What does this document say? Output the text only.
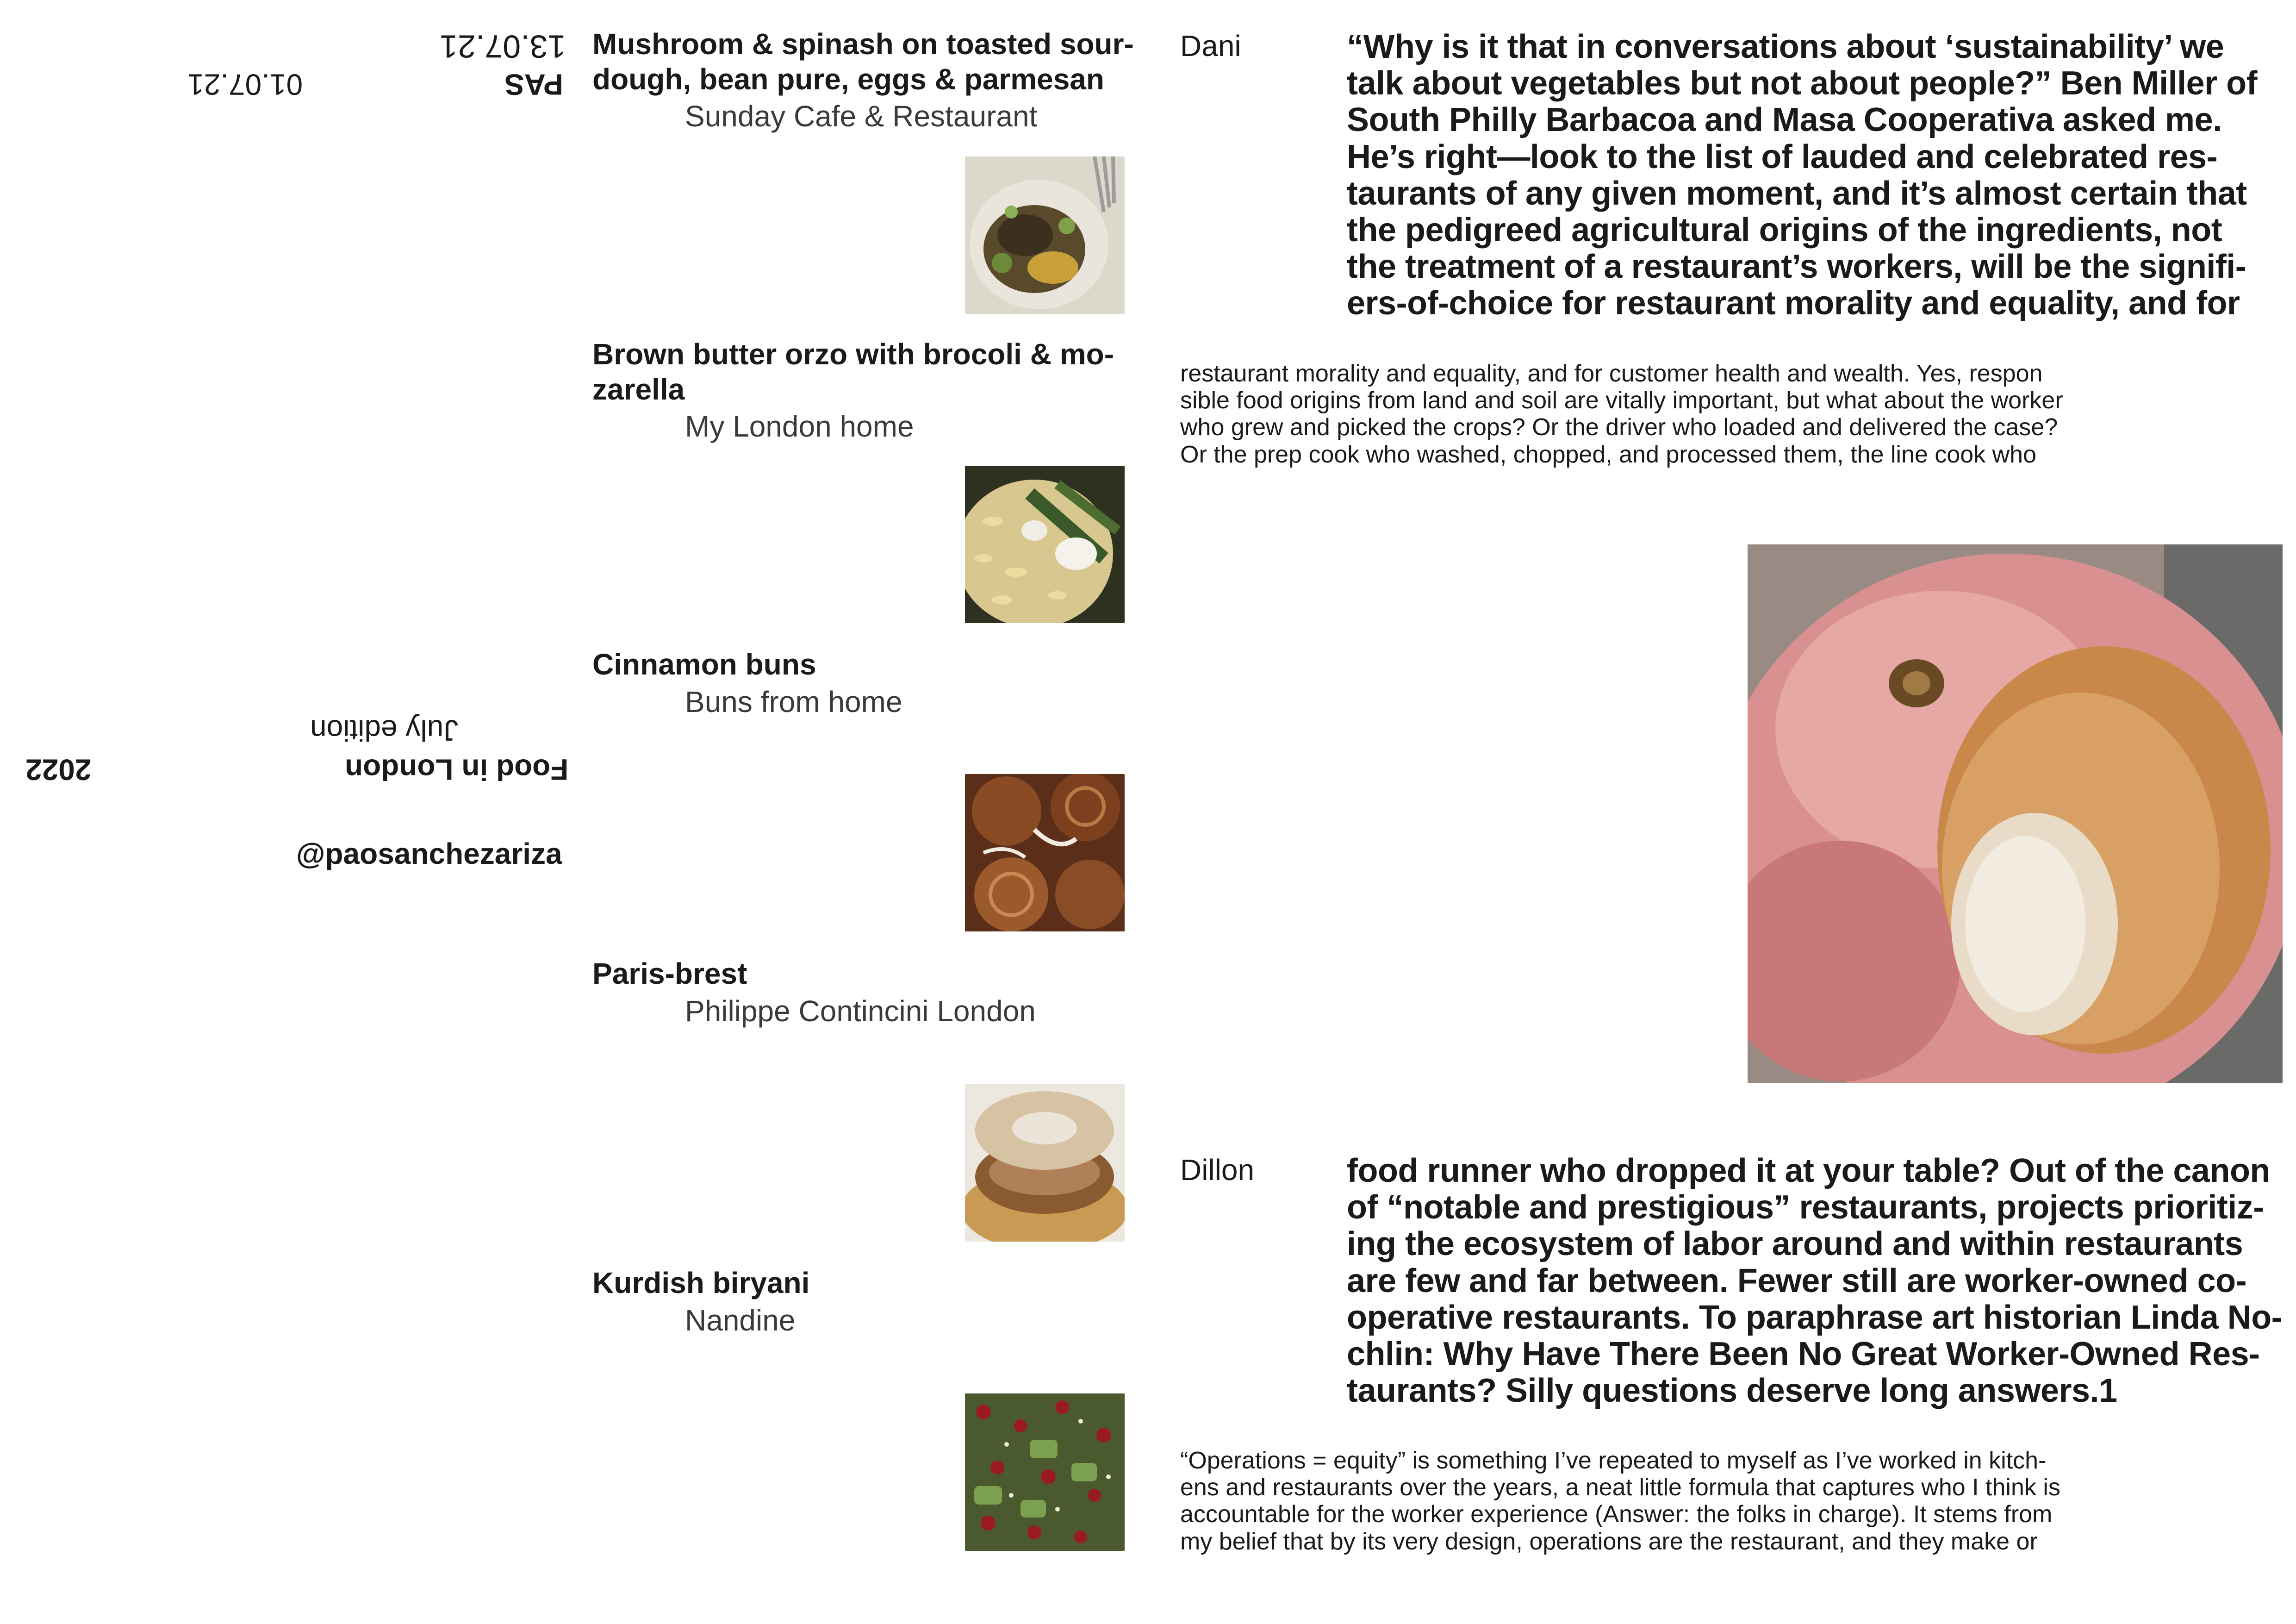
PAS
13.07.21
01.07.21
July edition
Food in London
2022
@paosanchezariza
Mushroom & spinash on toasted sour-
dough, bean pure, eggs & parmesan
Sunday Cafe & Restaurant
Brown butter orzo with brocoli & mo-
zarella
My London home
Cinnamon buns
Buns from home
Paris-brest
Philippe Contincini London
Kurdish biryani
Nandine
Dani	“Why is it that in conversations about ‘sustainability’ we
talk about vegetables but not about people?” Ben Miller of
South Philly Barbacoa and Masa Cooperativa asked me.
He’s right—look to the list of lauded and celebrated res-
taurants of any given moment, and it’s almost certain that
the pedigreed agricultural origins of the ingredients, not
the treatment of a restaurant’s workers, will be the signifi-
ers-of-choice for restaurant morality and equality, and for
restaurant morality and equality, and for customer health and wealth. Yes, respon
sible food origins from land and soil are vitally important, but what about the worker
who grew and picked the crops? Or the driver who loaded and delivered the case?
Or the prep cook who washed, chopped, and processed them, the line cook who
Dillon	food runner who dropped it at your table? Out of the canon
of “notable and prestigious” restaurants, projects prioritiz-
ing the ecosystem of labor around and within restaurants
are few and far between. Fewer still are worker-owned co-
operative restaurants. To paraphrase art historian Linda No-
chlin: Why Have There Been No Great Worker-Owned Res-
taurants? Silly questions deserve long answers.1
“Operations = equity” is something I’ve repeated to myself as I’ve worked in kitch-
ens and restaurants over the years, a neat little formula that captures who I think is
accountable for the worker experience (Answer: the folks in charge). It stems from
my belief that by its very design, operations are the restaurant, and they make or
